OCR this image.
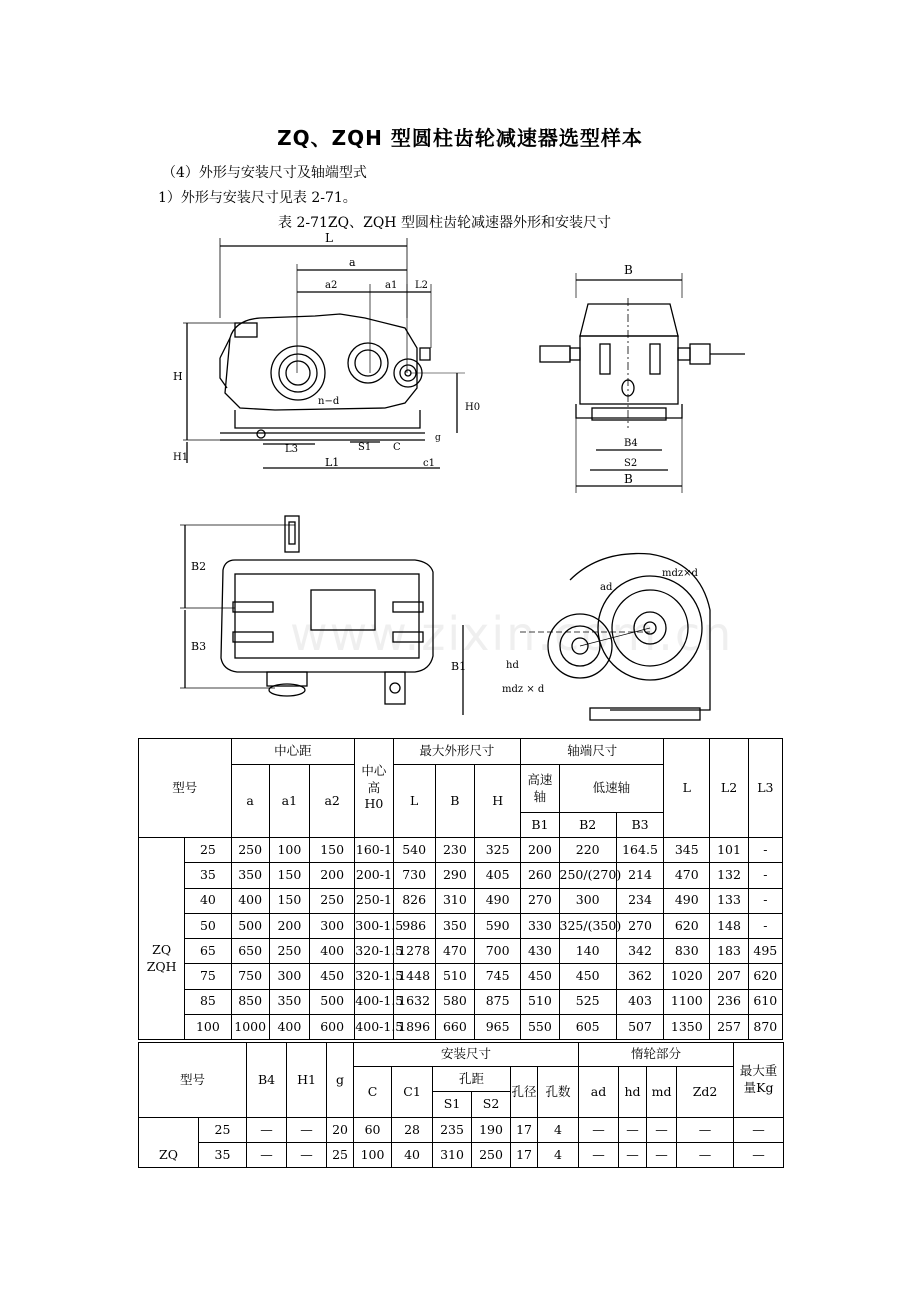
ZQ、ZQH 型圆柱齿轮减速器选型样本
（4）外形与安装尺寸及轴端型式
1）外形与安装尺寸见表 2-71。
表 2-71ZQ、ZQH 型圆柱齿轮减速器外形和安装尺寸
L
a
a2	a1 L2
H
H1
n−d
L3	S1 C
L1	c1
H0
g
B
B4
S2
B
B2
B3
B1
ad
mdz×d
hd
mdz × d
www.zixin.com.cn
型号		中心距			中心高
H0	最大外形尺寸			轴端尺寸			L	L2	L3
		a	a1	a2		L	B	H	高速轴	低速轴				
									B1	B2	B3			

ZQ
ZQH	25	250	100	150	160-1	540	230	325	200	220	164.5	345	101	-
	35	350	150	200	200-1	730	290	405	260	250/(270)	214	470	132	-
	40	400	150	250	250-1	826	310	490	270	300	234	490	133	-
	50	500	200	300	300-1.5	986	350	590	330	325/(350)	270	620	148	-
	65	650	250	400	320-1.5	1278	470	700	430	140	342	830	183	495
	75	750	300	450	320-1.5	1448	510	745	450	450	362	1020	207	620
	85	850	350	500	400-1.5	1632	580	875	510	525	403	1100	236	610
	100	1000	400	600	400-1.5	1896	660	965	550	605	507	1350	257	870
型号		B4	H1	g	安装尺寸						惰轮部分				最大重量Kg
					C	C1	孔距		孔径	孔数	ad	hd	md	Zd2	
							S1	S2							
ZQ	25	—	—	20	60	28	235	190	17	4	—	—	—	—	—
	35	—	—	25	100	40	310	250	17	4	—	—	—	—	—
